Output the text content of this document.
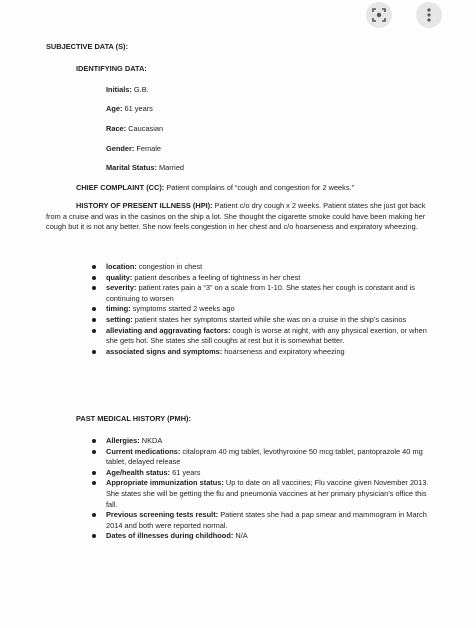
SUBJECTIVE DATA (S):
IDENTIFYING DATA:
Initials: G.B.
Age: 61 years
Race: Caucasian
Gender: Female
Marital Status: Married
CHIEF COMPLAINT (CC): Patient complains of “cough and congestion for 2 weeks.”
HISTORY OF PRESENT ILLNESS (HPI): Patient c/o dry cough x 2 weeks. Patient states she just got back from a cruise and was in the casinos on the ship a lot. She thought the cigarette smoke could have been making her cough but it is not any better. She now feels congestion in her chest and c/o hoarseness and expiratory wheezing.
location: congestion in chest
quality: patient describes a feeling of tightness in her chest
severity: patient rates pain a “3” on a scale from 1-10. She states her cough is constant and is continuing to worsen
timing: symptoms started 2 weeks ago
setting: patient states her symptoms started while she was on a cruise in the ship’s casinos
alleviating and aggravating factors: cough is worse at night, with any physical exertion, or when she gets hot. She states she still coughs at rest but it is somewhat better.
associated signs and symptoms: hoarseness and expiratory wheezing
PAST MEDICAL HISTORY (PMH):
Allergies: NKDA
Current medications: citalopram 40 mg tablet, levothyroxine 50 mcg tablet, pantoprazole 40 mg tablet, delayed release
Age/health status: 61 years
Appropriate immunization status: Up to date on all vaccines; Flu vaccine given November 2013. She states she will be getting the flu and pneumonia vaccines at her primary physician’s office this fall.
Previous screening tests result: Patient states she had a pap smear and mammogram in March 2014 and both were reported normal.
Dates of illnesses during childhood: N/A
